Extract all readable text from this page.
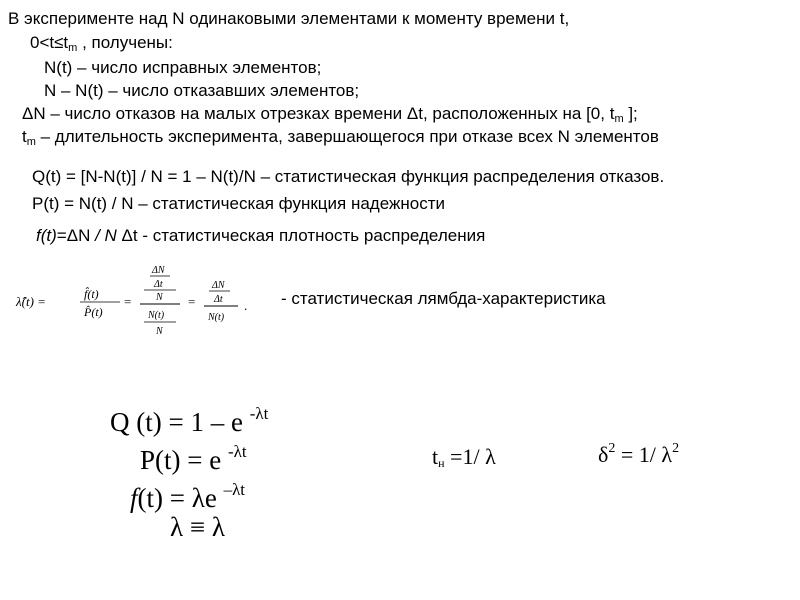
В эксперименте над N одинаковыми элементами к моменту времени t,
$0<t\le t_m$ , получены:
N(t) – число исправных элементов;
N – N(t) – число отказавших элементов;
ΔN – число отказов на малых отрезках времени Δt, расположенных на [0, $t_m$ ];
$t_m$ – длительность эксперимента, завершающегося при отказе всех N элементов
Q(t) = [N-N(t)] / N = 1 – N(t)/N – статистическая функция распределения отказов.
P(t) = N(t) / N – статистическая функция надежности
f(t)=ΔN / N Δt - статистическая плотность распределения
λ̂(t) =	f̂(t)
P̂(t)
=
ΔN
Δt
N
N(t)
N
=
ΔN
Δt
N(t)
. - статистическая лямбда-характеристика
Q (t) = 1 – e $^{-\lambda t}$
P(t) = e $^{-\lambda t}$
f(t) = λe $^{-\lambda t}$
λ ≡ λ
tн =1/ λ	$\delta^2 = 1/$ $\lambda^2$
